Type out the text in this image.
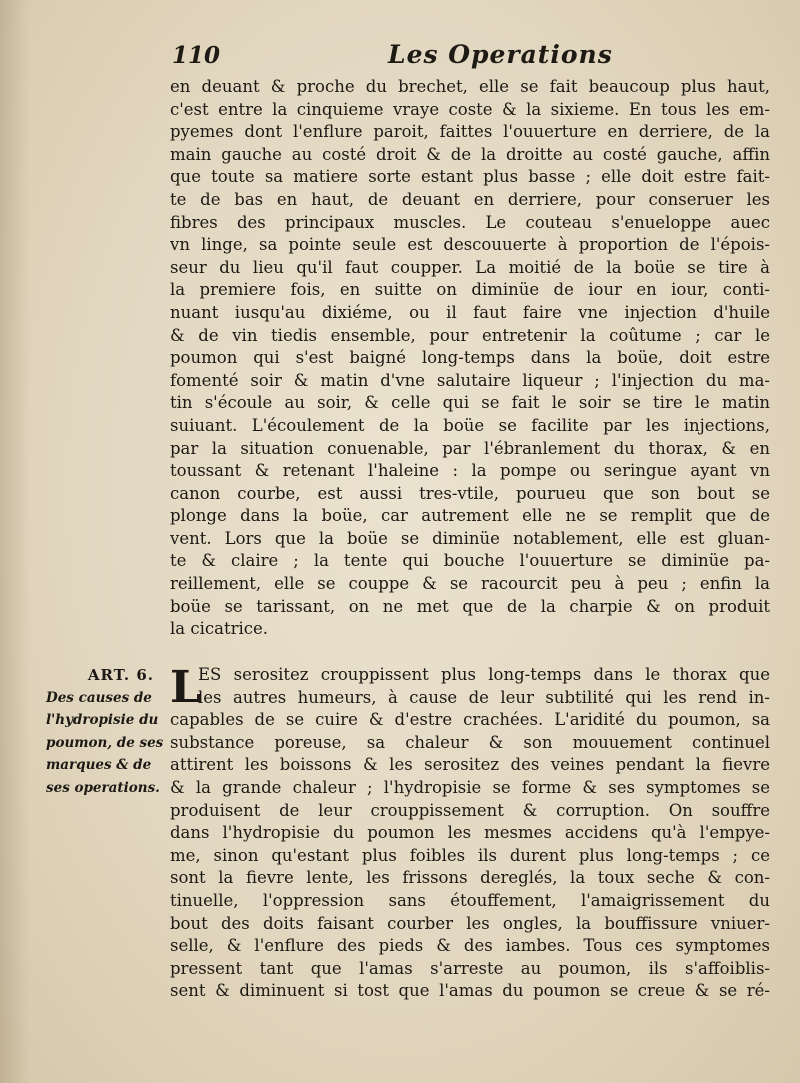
110	Les Operations
en deuant & proche du brechet, elle se fait beaucoup plus haut,
c'est entre la cinquieme vraye coste & la sixieme. En tous les em-
pyemes dont l'enflure paroit, faittes l'ouuerture en derriere, de la
main gauche au costé droit & de la droitte au costé gauche, affin
que toute sa matiere sorte estant plus basse ; elle doit estre fait-
te de bas en haut, de deuant en derriere, pour conseruer les
fibres des principaux muscles. Le couteau s'enueloppe auec
vn linge, sa pointe seule est descouuerte à proportion de l'épois-
seur du lieu qu'il faut coupper. La moitié de la boüe se tire à
la premiere fois, en suitte on diminüe de iour en iour, conti-
nuant iusqu'au dixiéme, ou il faut faire vne injection d'huile
& de vin tiedis ensemble, pour entretenir la coûtume ; car le
poumon qui s'est baigné long-temps dans la boüe, doit estre
fomenté soir & matin d'vne salutaire liqueur ; l'injection du ma-
tin s'écoule au soir, & celle qui se fait le soir se tire le matin
suiuant. L'écoulement de la boüe se facilite par les injections,
par la situation conuenable, par l'ébranlement du thorax, & en
toussant & retenant l'haleine : la pompe ou seringue ayant vn
canon courbe, est aussi tres-vtile, pourueu que son bout se
plonge dans la boüe, car autrement elle ne se remplit que de
vent. Lors que la boüe se diminüe notablement, elle est gluan-
te & claire ; la tente qui bouche l'ouuerture se diminüe pa-
reillement, elle se couppe & se racourcit peu à peu ; enfin la
boüe se tarissant, on ne met que de la charpie & on produit
la cicatrice.
ART. 6.
Des causes de
l'hydropisie du
poumon, de ses
marques & de
ses operations.
L
ES serositez crouppissent plus long-temps dans le thorax que
les autres humeurs, à cause de leur subtilité qui les rend in-
capables de se cuire & d'estre crachées. L'aridité du poumon, sa
substance poreuse, sa chaleur & son mouuement continuel
attirent les boissons & les serositez des veines pendant la fievre
& la grande chaleur ; l'hydropisie se forme & ses symptomes se
produisent de leur crouppissement & corruption. On souffre
dans l'hydropisie du poumon les mesmes accidens qu'à l'empye-
me, sinon qu'estant plus foibles ils durent plus long-temps ; ce
sont la fievre lente, les frissons dereglés, la toux seche & con-
tinuelle, l'oppression sans étouffement, l'amaigrissement du
bout des doits faisant courber les ongles, la bouffissure vniuer-
selle, & l'enflure des pieds & des iambes. Tous ces symptomes
pressent tant que l'amas s'arreste au poumon, ils s'affoiblis-
sent & diminuent si tost que l'amas du poumon se creue & se ré-
